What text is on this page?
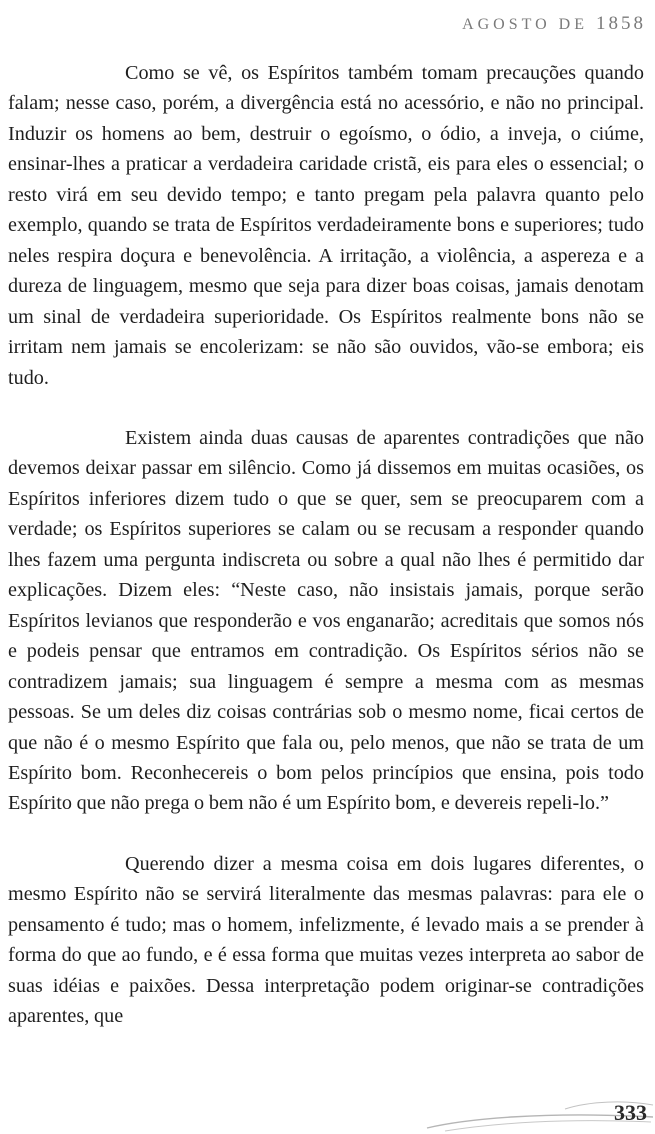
AGOSTO DE 1858

Como se vê, os Espíritos também tomam precauções quando falam; nesse caso, porém, a divergência está no acessório, e não no principal. Induzir os homens ao bem, destruir o egoísmo, o ódio, a inveja, o ciúme, ensinar-lhes a praticar a verdadeira caridade cristã, eis para eles o essencial; o resto virá em seu devido tempo; e tanto pregam pela palavra quanto pelo exemplo, quando se trata de Espíritos verdadeiramente bons e superiores; tudo neles respira doçura e benevolência. A irritação, a violência, a aspereza e a dureza de linguagem, mesmo que seja para dizer boas coisas, jamais denotam um sinal de verdadeira superioridade. Os Espíritos realmente bons não se irritam nem jamais se encolerizam: se não são ouvidos, vão-se embora; eis tudo.

Existem ainda duas causas de aparentes contradições que não devemos deixar passar em silêncio. Como já dissemos em muitas ocasiões, os Espíritos inferiores dizem tudo o que se quer, sem se preocuparem com a verdade; os Espíritos superiores se calam ou se recusam a responder quando lhes fazem uma pergunta indiscreta ou sobre a qual não lhes é permitido dar explicações. Dizem eles: “Neste caso, não insistais jamais, porque serão Espíritos levianos que responderão e vos enganarão; acreditais que somos nós e podeis pensar que entramos em contradição. Os Espíritos sérios não se contradizem jamais; sua linguagem é sempre a mesma com as mesmas pessoas. Se um deles diz coisas contrárias sob o mesmo nome, ficai certos de que não é o mesmo Espírito que fala ou, pelo menos, que não se trata de um Espírito bom. Reconhecereis o bom pelos princípios que ensina, pois todo Espírito que não prega o bem não é um Espírito bom, e devereis repeli-lo.”

Querendo dizer a mesma coisa em dois lugares diferentes, o mesmo Espírito não se servirá literalmente das mesmas palavras: para ele o pensamento é tudo; mas o homem, infelizmente, é levado mais a se prender à forma do que ao fundo, e é essa forma que muitas vezes interpreta ao sabor de suas idéias e paixões. Dessa interpretação podem originar-se contradições aparentes, que

333
